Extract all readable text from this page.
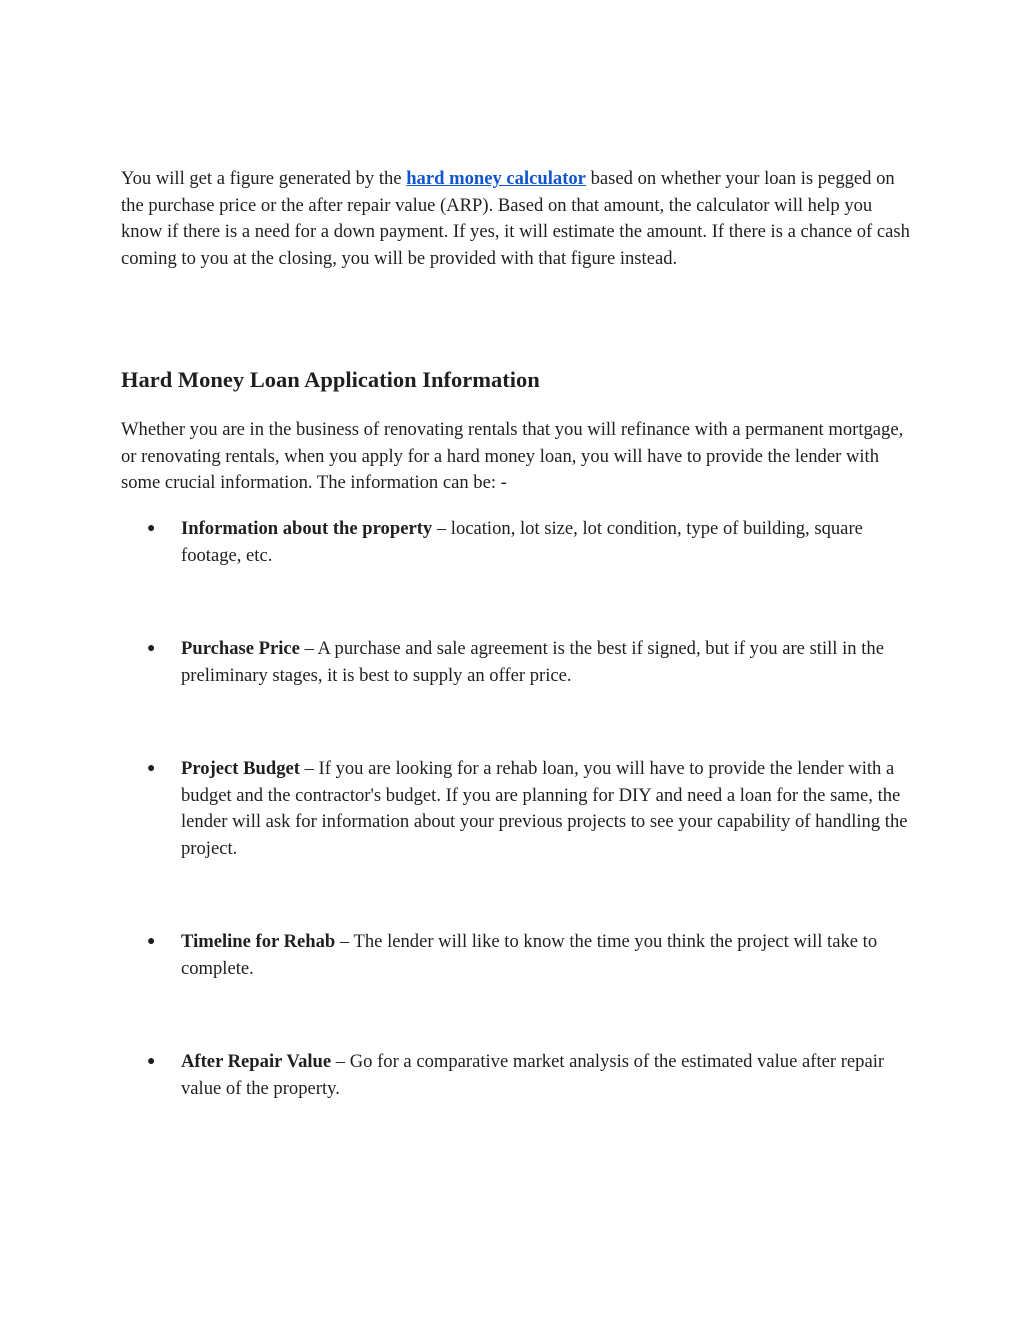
You will get a figure generated by the hard money calculator based on whether your loan is pegged on the purchase price or the after repair value (ARP). Based on that amount, the calculator will help you know if there is a need for a down payment. If yes, it will estimate the amount. If there is a chance of cash coming to you at the closing, you will be provided with that figure instead.

Hard Money Loan Application Information

Whether you are in the business of renovating rentals that you will refinance with a permanent mortgage, or renovating rentals, when you apply for a hard money loan, you will have to provide the lender with some crucial information. The information can be: -

● Information about the property – location, lot size, lot condition, type of building, square footage, etc.

● Purchase Price – A purchase and sale agreement is the best if signed, but if you are still in the preliminary stages, it is best to supply an offer price.

● Project Budget – If you are looking for a rehab loan, you will have to provide the lender with a budget and the contractor's budget. If you are planning for DIY and need a loan for the same, the lender will ask for information about your previous projects to see your capability of handling the project.

● Timeline for Rehab – The lender will like to know the time you think the project will take to complete.

● After Repair Value – Go for a comparative market analysis of the estimated value after repair value of the property.
